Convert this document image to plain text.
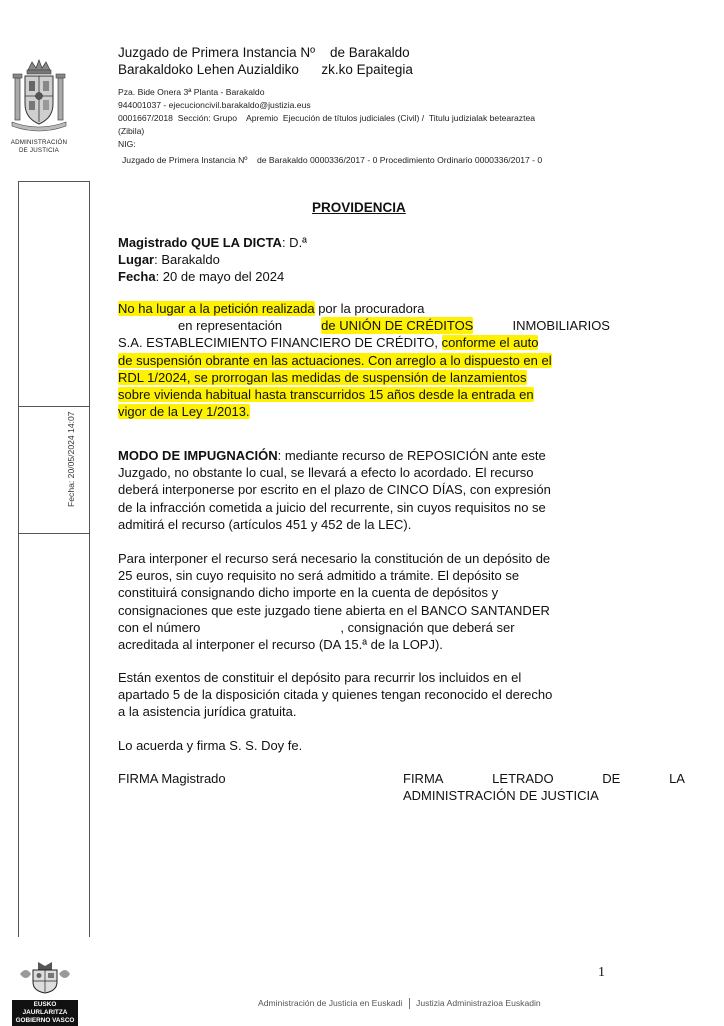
ADMINISTRACIÓN
DE JUSTICIA
Fecha: 20/05/2024 14:07
EUSKO JAURLARITZA
GOBIERNO VASCO
Juzgado de Primera Instancia Nº    de Barakaldo
Barakaldoko Lehen Auzialdiko      zk.ko Epaitegia
Pza. Bide Onera 3ª Planta - Barakaldo
944001037 - ejecucioncivil.barakaldo@justizia.eus
0001667/2018  Sección: Grupo    Apremio  Ejecución de títulos judiciales (Civil) /  Titulu judizialak betearaztea
(Zibila)
NIG:
Juzgado de Primera Instancia Nº    de Barakaldo 0000336/2017 - 0 Procedimiento Ordinario 0000336/2017 - 0
PROVIDENCIA
Magistrado QUE LA DICTA: D.ª
Lugar: Barakaldo
Fecha: 20 de mayo del 2024
No ha lugar a la petición realizada por la procuradora
en representación	de UNIÓN DE CRÉDITOS	INMOBILIARIOS
S.A. ESTABLECIMIENTO FINANCIERO DE CRÉDITO, conforme el auto
de suspensión obrante en las actuaciones. Con arreglo a lo dispuesto en el
RDL 1/2024, se prorrogan las medidas de suspensión de lanzamientos
sobre vivienda habitual hasta transcurridos 15 años desde la entrada en
vigor de la Ley 1/2013.
MODO DE IMPUGNACIÓN: mediante recurso de REPOSICIÓN ante este
Juzgado, no obstante lo cual, se llevará a efecto lo acordado. El recurso
deberá interponerse por escrito en el plazo de CINCO DÍAS, con expresión
de la infracción cometida a juicio del recurrente, sin cuyos requisitos no se
admitirá el recurso (artículos 451 y 452 de la LEC).
Para interponer el recurso será necesario la constitución de un depósito de
25 euros, sin cuyo requisito no será admitido a trámite. El depósito se
constituirá consignando dicho importe en la cuenta de depósitos y
consignaciones que este juzgado tiene abierta en el BANCO SANTANDER
con el número	, consignación que deberá ser
acreditada al interponer el recurso (DA 15.ª de la LOPJ).
Están exentos de constituir el depósito para recurrir los incluidos en el
apartado 5 de la disposición citada y quienes tengan reconocido el derecho
a la asistencia jurídica gratuita.
Lo acuerda y firma S. S. Doy fe.
FIRMA Magistrado	FIRMA	LETRADO	DE	LA
ADMINISTRACIÓN DE JUSTICIA
1
Administración de Justicia en Euskadi Justizia Administrazioa Euskadin
